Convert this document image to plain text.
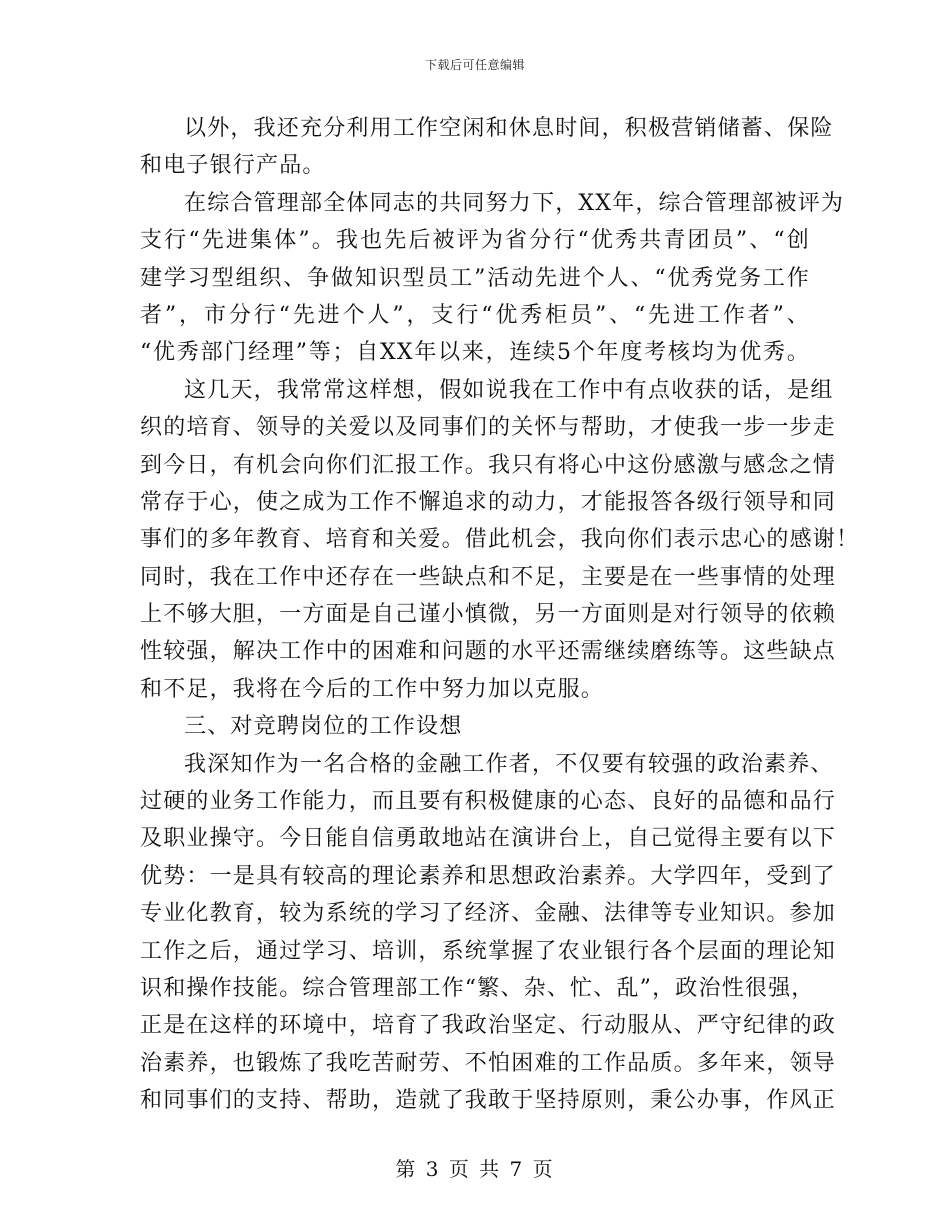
下载后可任意编辑
以外，我还充分利用工作空闲和休息时间，积极营销储蓄、保险
和电子银行产品。
在综合管理部全体同志的共同努力下，XX年，综合管理部被评为
支行“先进集体”。我也先后被评为省分行“优秀共青团员”、“创
建学习型组织、争做知识型员工”活动先进个人、“优秀党务工作
者”，市分行“先进个人”，支行“优秀柜员”、“先进工作者”、
“优秀部门经理”等；自XX年以来，连续5个年度考核均为优秀。
这几天，我常常这样想，假如说我在工作中有点收获的话，是组
织的培育、领导的关爱以及同事们的关怀与帮助，才使我一步一步走
到今日，有机会向你们汇报工作。我只有将心中这份感激与感念之情
常存于心，使之成为工作不懈追求的动力，才能报答各级行领导和同
事们的多年教育、培育和关爱。借此机会，我向你们表示忠心的感谢！
同时，我在工作中还存在一些缺点和不足，主要是在一些事情的处理
上不够大胆，一方面是自己谨小慎微，另一方面则是对行领导的依赖
性较强，解决工作中的困难和问题的水平还需继续磨练等。这些缺点
和不足，我将在今后的工作中努力加以克服。
三、对竞聘岗位的工作设想
我深知作为一名合格的金融工作者，不仅要有较强的政治素养、
过硬的业务工作能力，而且要有积极健康的心态、良好的品德和品行
及职业操守。今日能自信勇敢地站在演讲台上，自己觉得主要有以下
优势：一是具有较高的理论素养和思想政治素养。大学四年，受到了
专业化教育，较为系统的学习了经济、金融、法律等专业知识。参加
工作之后，通过学习、培训，系统掌握了农业银行各个层面的理论知
识和操作技能。综合管理部工作“繁、杂、忙、乱”，政治性很强，
正是在这样的环境中，培育了我政治坚定、行动服从、严守纪律的政
治素养，也锻炼了我吃苦耐劳、不怕困难的工作品质。多年来，领导
和同事们的支持、帮助，造就了我敢于坚持原则，秉公办事，作风正
第 3 页 共 7 页
